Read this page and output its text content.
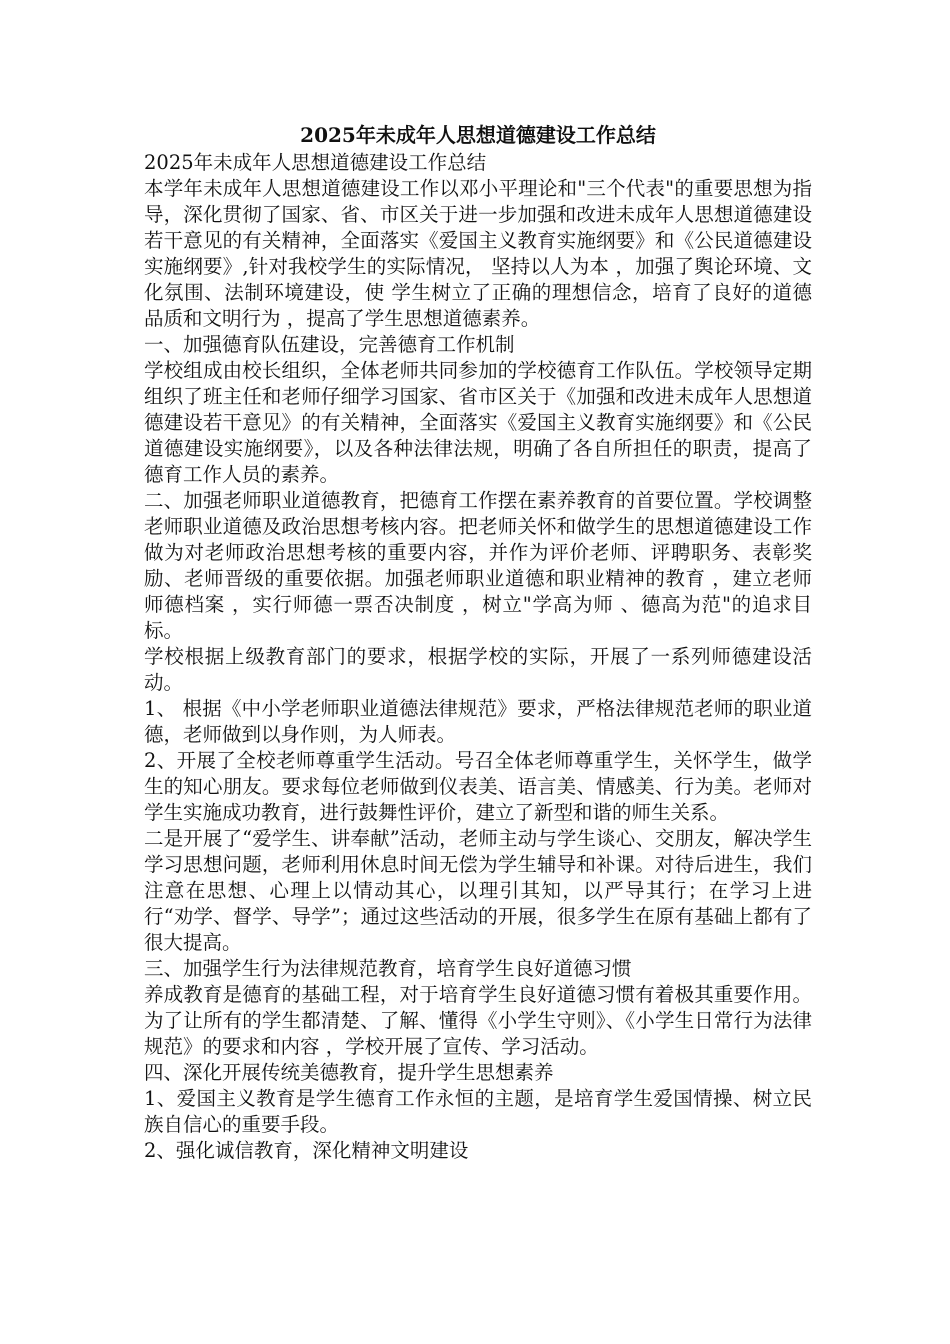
2025年未成年人思想道德建设工作总结

2025年未成年人思想道德建设工作总结

本学年未成年人思想道德建设工作以邓小平理论和"三个代表"的重要思想为指导，深化贯彻了国家、省、市区关于进一步加强和改进未成年人思想道德建设若干意见的有关精神，全面落实《爱国主义教育实施纲要》和《公民道德建设实施纲要》,针对我校学生的实际情况， 坚持以人为本 ，加强了舆论环境、文化氛围、法制环境建设，使 学生树立了正确的理想信念，培育了良好的道德品质和文明行为 ，提高了学生思想道德素养。

一、加强德育队伍建设，完善德育工作机制

学校组成由校长组织，全体老师共同参加的学校德育工作队伍。学校领导定期组织了班主任和老师仔细学习国家、省市区关于《加强和改进未成年人思想道德建设若干意见》的有关精神，全面落实《爱国主义教育实施纲要》和《公民道德建设实施纲要》，以及各种法律法规，明确了各自所担任的职责，提高了德育工作人员的素养。

二、加强老师职业道德教育，把德育工作摆在素养教育的首要位置。学校调整老师职业道德及政治思想考核内容。把老师关怀和做学生的思想道德建设工作做为对老师政治思想考核的重要内容，并作为评价老师、评聘职务、表彰奖励、老师晋级的重要依据。加强老师职业道德和职业精神的教育 ，建立老师师德档案 ，实行师德一票否决制度 ，树立"学高为师 、德高为范"的追求目标。

学校根据上级教育部门的要求，根据学校的实际，开展了一系列师德建设活动。

1、 根据《中小学老师职业道德法律规范》要求，严格法律规范老师的职业道德，老师做到以身作则，为人师表。

2、开展了全校老师尊重学生活动。号召全体老师尊重学生，关怀学生，做学生的知心朋友。要求每位老师做到仪表美、语言美、情感美、行为美。老师对学生实施成功教育，进行鼓舞性评价，建立了新型和谐的师生关系。

二是开展了“爱学生、讲奉献”活动，老师主动与学生谈心、交朋友，解决学生学习思想问题，老师利用休息时间无偿为学生辅导和补课。对待后进生，我们注意在思想、心理上以情动其心，以理引其知，以严导其行；在学习上进行“劝学、督学、导学”；通过这些活动的开展，很多学生在原有基础上都有了很大提高。

三、加强学生行为法律规范教育，培育学生良好道德习惯

养成教育是德育的基础工程，对于培育学生良好道德习惯有着极其重要作用。为了让所有的学生都清楚、了解、懂得《小学生守则》、《小学生日常行为法律规范》的要求和内容 ，学校开展了宣传、学习活动。

四、深化开展传统美德教育，提升学生思想素养

1、爱国主义教育是学生德育工作永恒的主题，是培育学生爱国情操、树立民族自信心的重要手段。

2、强化诚信教育，深化精神文明建设
